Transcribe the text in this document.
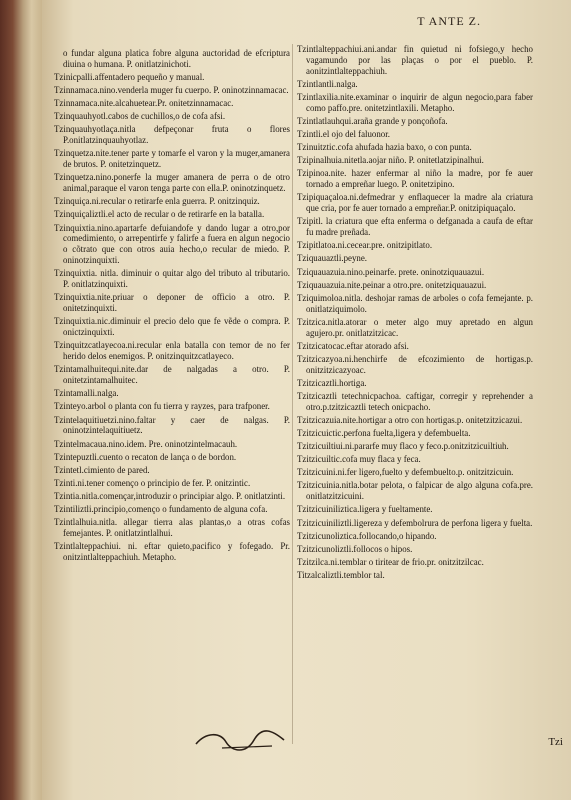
T ANTE Z.
o fundar alguna platica fobre alguna auctoridad de efcriptura diuina o humana. P. onitlatzinichoti.
Tzinicpalli.affentadero pequeño y manual.
Tzinnamaca.nino.venderla muger fu cuerpo. P. oninotzinnamacac.
Tzinnamaca.nite.alcahuetear.Pr. onitetzinnamacac.
Tzinquauhyotl.cabos de cuchillos,o de cofa afsi.
Tzinquauhyotlaça.nitla defpeçonar fruta o flores P.onitlatzinquauhyotlaz.
Tzinquetza.nite.tener parte y tomarfe el varon y la muger,amanera de brutos. P. onitetzinquetz.
Tzinquetza.nino.ponerfe la muger amanera de perra o de otro animal,paraque el varon tenga parte con ella.P. oninotzinquetz.
Tzinquiça.ni.recular o retirarfe enla guerra. P. onitzinquiz.
Tzinquiçaliztli.el acto de recular o de retirarfe en la batalla.
Tzinquixtia.nino.apartarfe defuiandofe y dando lugar a otro,por comedimiento, o arrepentirfe y falirfe a fuera en algun negocio o cõtrato que con otros auia hecho,o recular de miedo. P. oninotzinquixti.
Tzinquixtia. nitla. diminuir o quitar algo del tributo al tributario. P. onitlatzinquixti.
Tzinquixtia.nite.priuar o deponer de officio a otro. P. onitetzinquixti.
Tzinquixtia.nic.diminuir el precio delo que fe vẽde o compra. P. onictzinquixti.
Tzinquitzcatlayecoa.ni.recular enla batalla con temor de no fer herido delos enemigos. P. onitzinquitzcatlayeco.
Tzintamalhuitequi.nite.dar de nalgadas a otro. P. onitetzintamalhuitec.
Tzintamalli.nalga.
Tzinteyo.arbol o planta con fu tierra y rayzes, para trafponer.
Tzintelaquitiuetzi.nino.faltar y caer de nalgas. P. oninotzintelaquitiuetz.
Tzintelmacaua.nino.idem. Pre. oninotzintelmacauh.
Tzintepuztli.cuento o recaton de lança o de bordon.
Tzintetl.cimiento de pared.
Tzinti.ni.tener començo o principio de fer. P. onitzintic.
Tzintia.nitla.començar,introduzir o principiar algo. P. onitlatzinti.
Tzintiliztli.principio,començo o fundamento de alguna cofa.
Tzintlalhuia.nitla. allegar tierra alas plantas,o a otras cofas femejantes. P. onitlatzintlalhui.
Tzintlalteppachiui. ni. eftar quieto,pacifico y fofegado. Pr. onitzintlalteppachiuh. Metapho.
Tzintlalteppachiui.ani.andar fin quietud ni fofsiego,y hecho vagamundo por las plaças o por el pueblo. P. aonitzintlalteppachiuh.
Tzintlantli.nalga.
Tzintlaxilia.nite.examinar o inquirir de algun negocio,para faber como paffo.pre. onitetzintlaxili. Metapho.
Tzintlatlauhqui.araña grande y ponçoñofa.
Tzintli.el ojo del faluonor.
Tzinuitztic.cofa ahufada hazia baxo, o con punta.
Tzipinalhuia.nitetla.aojar niño. P. onitetlatzipinalhui.
Tzipinoa.nite. hazer enfermar al niño la madre, por fe auer tornado a empreñar luego. P. onitetzipino.
Tzipiquaçaloa.ni.defmedrar y enflaquecer la madre ala criatura que cria, por fe auer tornado a empreñar.P. onitzipiquaçalo.
Tzipitl. la criatura que efta enferma o defganada a caufa de eftar fu madre preñada.
Tzipitlatoa.ni.cecear.pre. onitzipitlato.
Tziquauaztli.peyne.
Tziquauazuia.nino.peinarfe. prete. oninotziquauazui.
Tziquauazuia.nite.peinar a otro.pre. onitetziquauazui.
Tziquimoloa.nitla. deshojar ramas de arboles o cofa femejante. p. onitlatziquimolo.
Tzitzica.nitla.atorar o meter algo muy apretado en algun agujero.pr. onitlatzitzicac.
Tzitzicatocac.eftar atorado afsi.
Tzitzicazyoa.ni.henchirfe de efcozimiento de hortigas.p. onitzitzicazyoac.
Tzitzicaztli.hortiga.
Tzitzicaztli tetechnicpachoa. caftigar, corregir y reprehender a otro.p.tzitzicaztli tetech onicpacho.
Tzitzicazuia.nite.hortigar a otro con hortigas.p. onitetzitzicazui.
Tzitzicuictic.perfona fuelta,ligera y defembuelta.
Tzitzicuiltiui.ni.pararfe muy flaco y feco.p.onitzitzicuiltiuh.
Tzitzicuiltic.cofa muy flaca y feca.
Tzitzicuini.ni.fer ligero,fuelto y defembuelto.p. onitzitzicuin.
Tzitzicuinia.nitla.botar pelota, o falpicar de algo alguna cofa.pre. onitlatzitzicuini.
Tzitzicuiniliztica.ligera y fueltamente.
Tzitzicuiniliztli.ligereza y defembolrura de perfona ligera y fuelta.
Tzitzicunoliztica.follocando,o hipando.
Tzitzicunoliztli.follocos o hipos.
Tzitzilca.ni.temblar o tiritear de frio.pr. onitzitzilcac.
Titzalcaliztli.temblor tal.
Tzi
